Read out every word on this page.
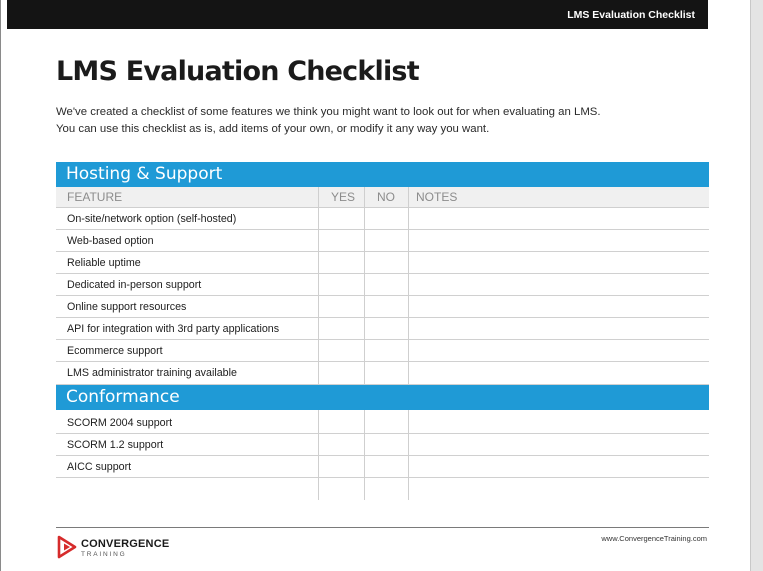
LMS Evaluation Checklist
LMS Evaluation Checklist

We've created a checklist of some features we think you might want to look out for when evaluating an LMS.

You can use this checklist as is, add items of your own, or modify it any way you want.

Hosting & Support
FEATURE	YES NO NOTES
On-site/network option (self-hosted)
Web-based option
Reliable uptime
Dedicated in-person support
Online support resources
API for integration with 3rd party applications
Ecommerce support
LMS administrator training available
Conformance
SCORM 2004 support
SCORM 1.2 support
AICC support
CONVERGENCE
TRAINING
www.ConvergenceTraining.com
